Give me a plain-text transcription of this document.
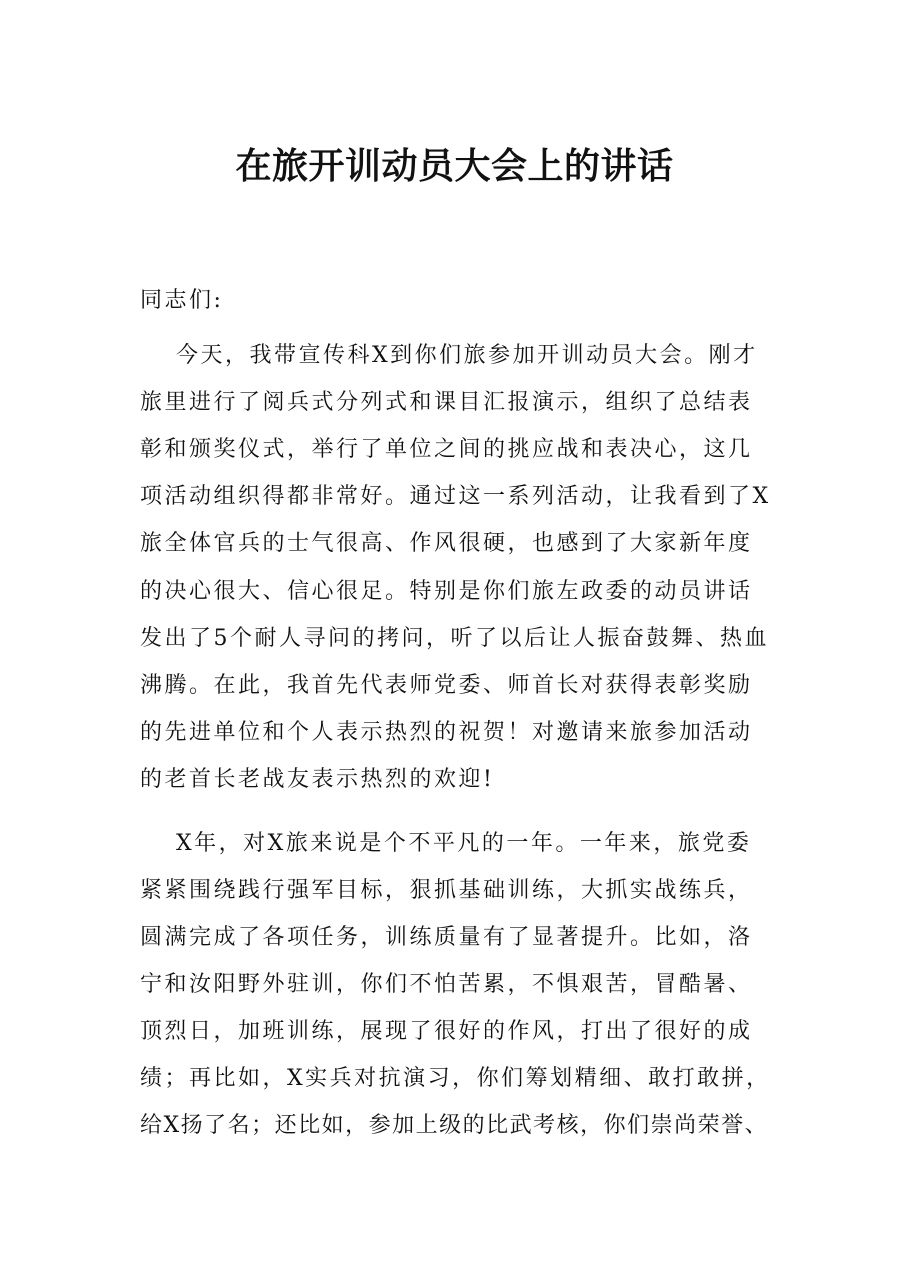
在旅开训动员大会上的讲话
同志们:
今天，我带宣传科X到你们旅参加开训动员大会。刚才
旅里进行了阅兵式分列式和课目汇报演示，组织了总结表
彰和颁奖仪式，举行了单位之间的挑应战和表决心，这几
项活动组织得都非常好。通过这一系列活动，让我看到了X
旅全体官兵的士气很高、作风很硬，也感到了大家新年度
的决心很大、信心很足。特别是你们旅左政委的动员讲话
发出了5个耐人寻问的拷问，听了以后让人振奋鼓舞、热血
沸腾。在此，我首先代表师党委、师首长对获得表彰奖励
的先进单位和个人表示热烈的祝贺！对邀请来旅参加活动
的老首长老战友表示热烈的欢迎!
X年，对X旅来说是个不平凡的一年。一年来，旅党委
紧紧围绕践行强军目标，狠抓基础训练，大抓实战练兵，
圆满完成了各项任务，训练质量有了显著提升。比如，洛
宁和汝阳野外驻训，你们不怕苦累，不惧艰苦，冒酷暑、
顶烈日，加班训练，展现了很好的作风，打出了很好的成
绩；再比如，X实兵对抗演习，你们筹划精细、敢打敢拼，
给X扬了名；还比如，参加上级的比武考核，你们崇尚荣誉、
